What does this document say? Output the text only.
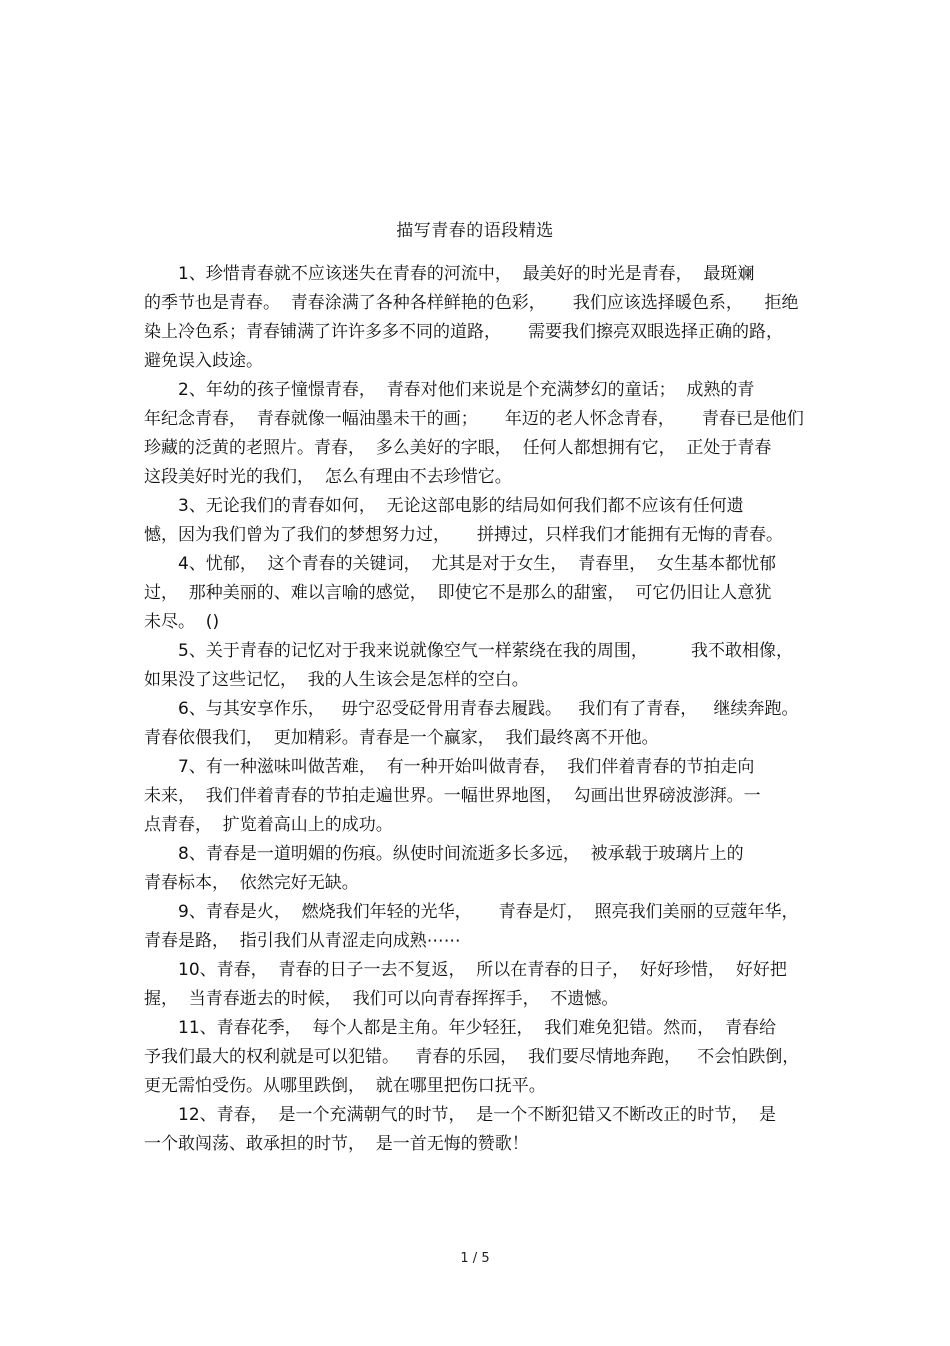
描写青春的语段精选
1、珍惜青春就不应该迷失在青春的河流中，  最美好的时光是青春，  最斑斓
的季节也是青春。  青春涂满了各种各样鲜艳的色彩，     我们应该选择暖色系，    拒绝
染上冷色系；青春铺满了许许多多不同的道路，     需要我们擦亮双眼选择正确的路，
避免误入歧途。
2、年幼的孩子憧憬青春，  青春对他们来说是个充满梦幻的童话；  成熟的青
年纪念青春，  青春就像一幅油墨未干的画；     年迈的老人怀念青春，     青春已是他们
珍藏的泛黄的老照片。青春，  多么美好的字眼，  任何人都想拥有它，  正处于青春
这段美好时光的我们，  怎么有理由不去珍惜它。
3、无论我们的青春如何，  无论这部电影的结局如何我们都不应该有任何遗
憾，因为我们曾为了我们的梦想努力过，     拼搏过，只样我们才能拥有无悔的青春。
4、忧郁，  这个青春的关键词，  尤其是对于女生，  青春里，  女生基本都忧郁
过，  那种美丽的、难以言喻的感觉，  即使它不是那么的甜蜜，  可它仍旧让人意犹
未尽。  ()
5、关于青春的记忆对于我来说就像空气一样萦绕在我的周围，        我不敢相像，
如果没了这些记忆，  我的人生该会是怎样的空白。
6、与其安享作乐，   毋宁忍受砭骨用青春去履践。   我们有了青春，   继续奔跑。
青春依偎我们，  更加精彩。青春是一个赢家，  我们最终离不开他。
7、有一种滋味叫做苦难，  有一种开始叫做青春，  我们伴着青春的节拍走向
未来，  我们伴着青春的节拍走遍世界。一幅世界地图，  勾画出世界磅波澎湃。一
点青春，  扩览着高山上的成功。
8、青春是一道明媚的伤痕。纵使时间流逝多长多远，  被承载于玻璃片上的
青春标本，  依然完好无缺。
9、青春是火，  燃烧我们年轻的光华，     青春是灯，  照亮我们美丽的豆蔻年华，
青春是路，  指引我们从青涩走向成熟⋯⋯
10、青春，  青春的日子一去不复返，  所以在青春的日子，  好好珍惜，  好好把
握，  当青春逝去的时候，  我们可以向青春挥挥手，  不遗憾。
11、青春花季，  每个人都是主角。年少轻狂，  我们难免犯错。然而，  青春给
予我们最大的权利就是可以犯错。   青春的乐园，  我们要尽情地奔跑，   不会怕跌倒，
更无需怕受伤。从哪里跌倒，  就在哪里把伤口抚平。
12、青春，  是一个充满朝气的时节，  是一个不断犯错又不断改正的时节，  是
一个敢闯荡、敢承担的时节，  是一首无悔的赞歌！
1 / 5
